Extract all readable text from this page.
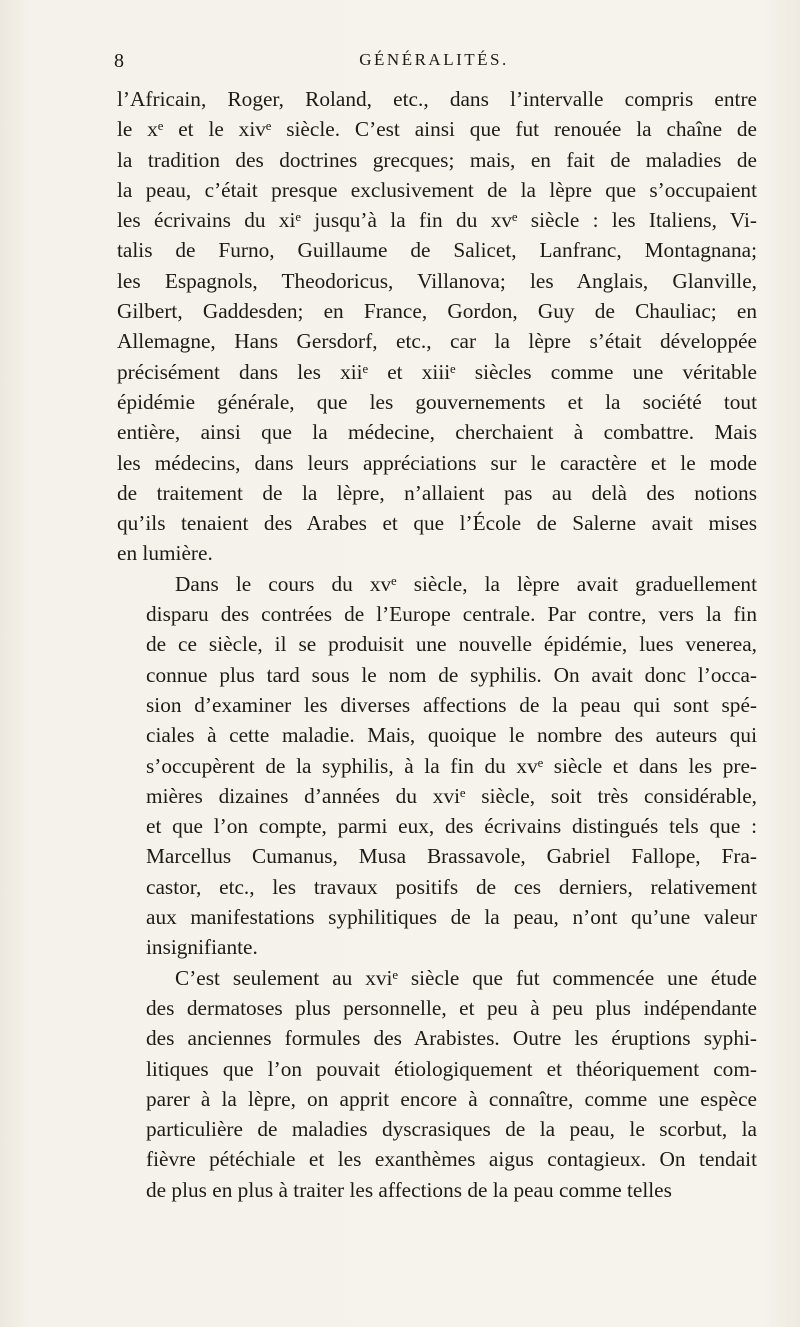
8	GÉNÉRALITÉS.

l’Africain, Roger, Roland, etc., dans l’intervalle compris entre
le xᵉ et le xivᵉ siècle. C’est ainsi que fut renouée la chaîne de
la tradition des doctrines grecques; mais, en fait de maladies de
la peau, c’était presque exclusivement de la lèpre que s’occupaient
les écrivains du xiᵉ jusqu’à la fin du xvᵉ siècle : les Italiens, Vi-
talis de Furno, Guillaume de Salicet, Lanfranc, Montagnana;
les Espagnols, Theodoricus, Villanova; les Anglais, Glanville,
Gilbert, Gaddesden; en France, Gordon, Guy de Chauliac; en
Allemagne, Hans Gersdorf, etc., car la lèpre s’était développée
précisément dans les xiiᵉ et xiiiᵉ siècles comme une véritable
épidémie générale, que les gouvernements et la société tout
entière, ainsi que la médecine, cherchaient à combattre. Mais
les médecins, dans leurs appréciations sur le caractère et le mode
de traitement de la lèpre, n’allaient pas au delà des notions
qu’ils tenaient des Arabes et que l’École de Salerne avait mises
en lumière.

Dans le cours du xvᵉ siècle, la lèpre avait graduellement
disparu des contrées de l’Europe centrale. Par contre, vers la fin
de ce siècle, il se produisit une nouvelle épidémie, lues venerea,
connue plus tard sous le nom de syphilis. On avait donc l’occa-
sion d’examiner les diverses affections de la peau qui sont spé-
ciales à cette maladie. Mais, quoique le nombre des auteurs qui
s’occupèrent de la syphilis, à la fin du xvᵉ siècle et dans les pre-
mières dizaines d’années du xviᵉ siècle, soit très considérable,
et que l’on compte, parmi eux, des écrivains distingués tels que :
Marcellus Cumanus, Musa Brassavole, Gabriel Fallope, Fra-
castor, etc., les travaux positifs de ces derniers, relativement
aux manifestations syphilitiques de la peau, n’ont qu’une valeur
insignifiante.

C’est seulement au xviᵉ siècle que fut commencée une étude
des dermatoses plus personnelle, et peu à peu plus indépendante
des anciennes formules des Arabistes. Outre les éruptions syphi-
litiques que l’on pouvait étiologiquement et théoriquement com-
parer à la lèpre, on apprit encore à connaître, comme une espèce
particulière de maladies dyscrasiques de la peau, le scorbut, la
fièvre pétéchiale et les exanthèmes aigus contagieux. On tendait
de plus en plus à traiter les affections de la peau comme telles
